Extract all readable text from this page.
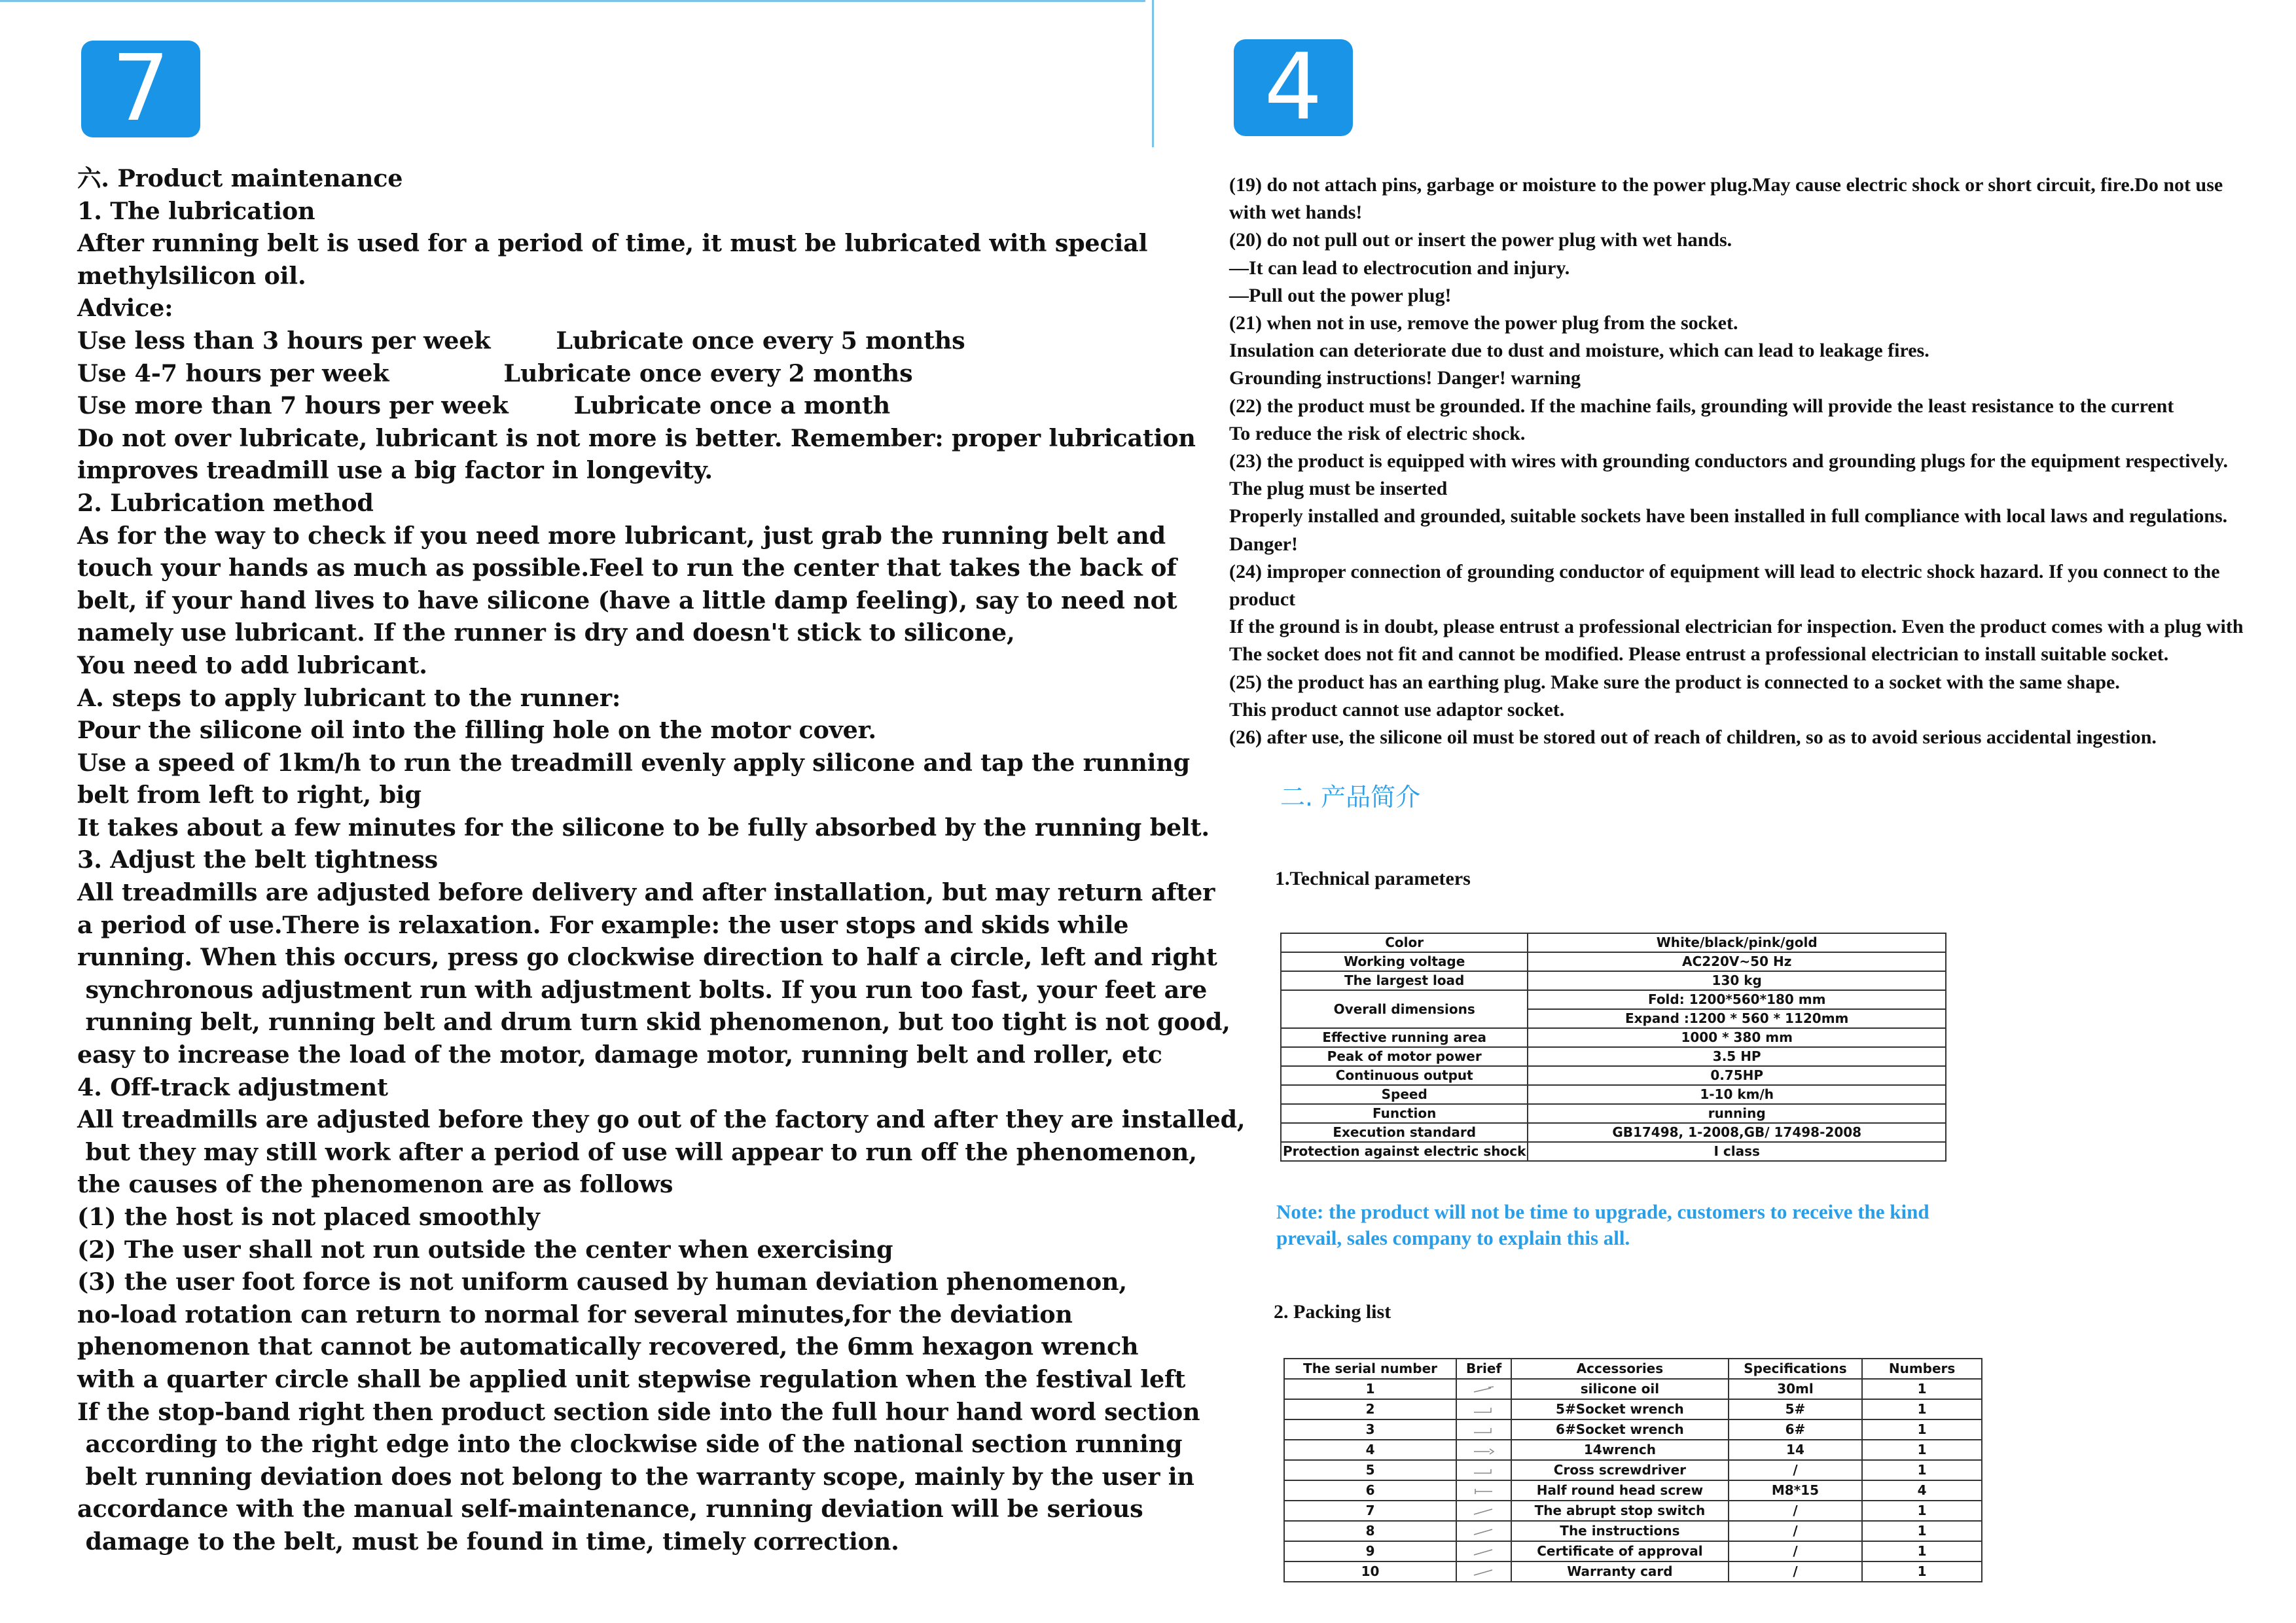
7
六. Product maintenance
1. The lubrication
After running belt is used for a period of time, it must be lubricated with special
methylsilicon oil.
Advice:
Use less than 3 hours per week        Lubricate once every 5 months
Use 4-7 hours per week              Lubricate once every 2 months
Use more than 7 hours per week        Lubricate once a month
Do not over lubricate, lubricant is not more is better. Remember: proper lubrication
improves treadmill use a big factor in longevity.
2. Lubrication method
As for the way to check if you need more lubricant, just grab the running belt and
touch your hands as much as possible.Feel to run the center that takes the back of
belt, if your hand lives to have silicone (have a little damp feeling), say to need not
namely use lubricant. If the runner is dry and doesn't stick to silicone,
You need to add lubricant.
A. steps to apply lubricant to the runner:
Pour the silicone oil into the filling hole on the motor cover.
Use a speed of 1km/h to run the treadmill evenly apply silicone and tap the running
belt from left to right, big
It takes about a few minutes for the silicone to be fully absorbed by the running belt.
3. Adjust the belt tightness
All treadmills are adjusted before delivery and after installation, but may return after
a period of use.There is relaxation. For example: the user stops and skids while
running. When this occurs, press go clockwise direction to half a circle, left and right
synchronous adjustment run with adjustment bolts. If you run too fast, your feet are
running belt, running belt and drum turn skid phenomenon, but too tight is not good,
easy to increase the load of the motor, damage motor, running belt and roller, etc
4. Off-track adjustment
All treadmills are adjusted before they go out of the factory and after they are installed,
but they may still work after a period of use will appear to run off the phenomenon,
the causes of the phenomenon are as follows
(1) the host is not placed smoothly
(2) The user shall not run outside the center when exercising
(3) the user foot force is not uniform caused by human deviation phenomenon,
no-load rotation can return to normal for several minutes,for the deviation
phenomenon that cannot be automatically recovered, the 6mm hexagon wrench
with a quarter circle shall be applied unit stepwise regulation when the festival left
If the stop-band right then product section side into the full hour hand word section
according to the right edge into the clockwise side of the national section running
belt running deviation does not belong to the warranty scope, mainly by the user in
accordance with the manual self-maintenance, running deviation will be serious
damage to the belt, must be found in time, timely correction.
4
(19) do not attach pins, garbage or moisture to the power plug.May cause electric shock or short circuit, fire.Do not use
with wet hands!
(20) do not pull out or insert the power plug with wet hands.
—It can lead to electrocution and injury.
—Pull out the power plug!
(21) when not in use, remove the power plug from the socket.
Insulation can deteriorate due to dust and moisture, which can lead to leakage fires.
Grounding instructions! Danger! warning
(22) the product must be grounded. If the machine fails, grounding will provide the least resistance to the current
To reduce the risk of electric shock.
(23) the product is equipped with wires with grounding conductors and grounding plugs for the equipment respectively.
The plug must be inserted
Properly installed and grounded, suitable sockets have been installed in full compliance with local laws and regulations.
Danger!
(24) improper connection of grounding conductor of equipment will lead to electric shock hazard. If you connect to the
product
If the ground is in doubt, please entrust a professional electrician for inspection. Even the product comes with a plug with
The socket does not fit and cannot be modified. Please entrust a professional electrician to install suitable socket.
(25) the product has an earthing plug. Make sure the product is connected to a socket with the same shape.
This product cannot use adaptor socket.
(26) after use, the silicone oil must be stored out of reach of children, so as to avoid serious accidental ingestion.
二. 产品简介
1.Technical parameters
Color	White/black/pink/gold
Working voltage	AC220V~50 Hz
The largest load	130 kg
Overall dimensions	Fold: 1200*560*180 mm
	Expand :1200 * 560 * 1120mm
Effective running area	1000 * 380 mm
Peak of motor power	3.5 HP
Continuous output	0.75HP
Speed	1-10 km/h
Function	running
Execution standard	GB17498, 1-2008,GB/ 17498-2008
Protection against electric shock	I class
Note: the product will not be time to upgrade, customers to receive the kind
prevail, sales company to explain this all.
2. Packing list
The serial number	Brief	Accessories	Specifications	Numbers
1		silicone oil	30ml	1
2		5#Socket wrench	5#	1
3		6#Socket wrench	6#	1
4		14wrench	14	1
5		Cross screwdriver	/	1
6		Half round head screw	M8*15	4
7		The abrupt stop switch	/	1
8		The instructions	/	1
9		Certificate of approval	/	1
10		Warranty card	/	1
